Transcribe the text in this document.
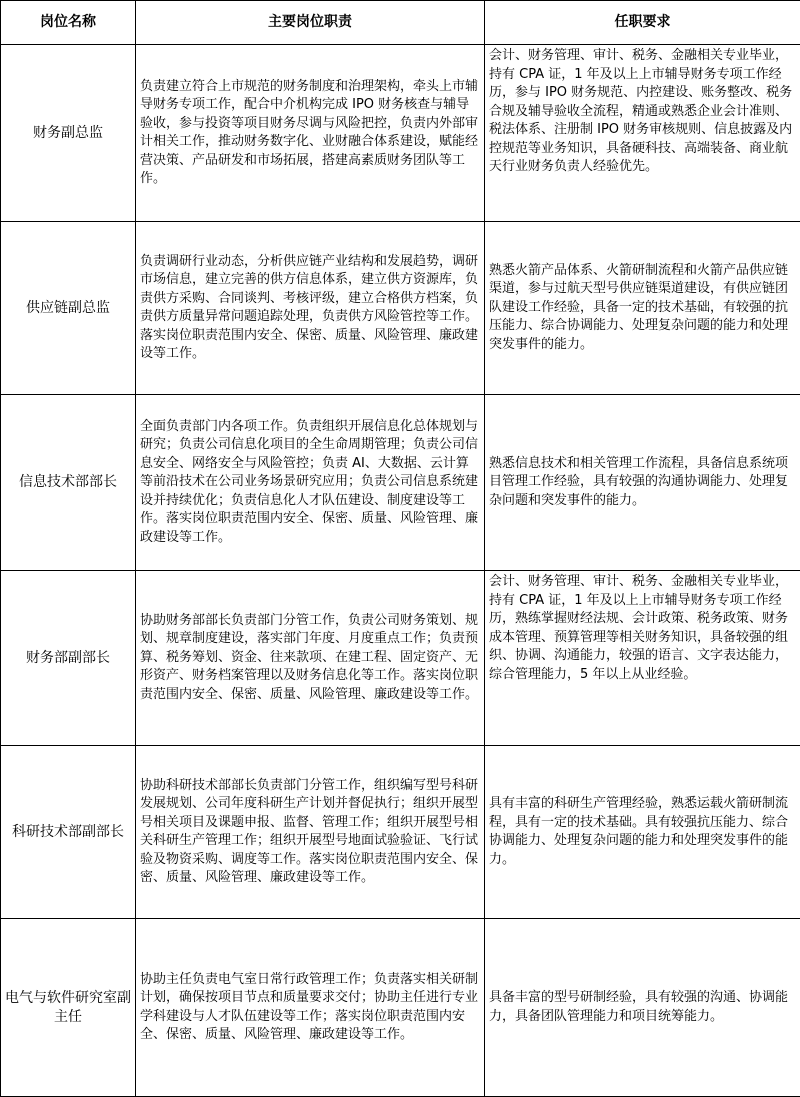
岗位名称	主要岗位职责	任职要求
财务副总监	负责建立符合上市规范的财务制度和治理架构，牵头上市辅导财务专项工作，配合中介机构完成 IPO 财务核查与辅导验收，参与投资等项目财务尽调与风险把控，负责内外部审计相关工作，推动财务数字化、业财融合体系建设，赋能经营决策、产品研发和市场拓展，搭建高素质财务团队等工作。	会计、财务管理、审计、税务、金融相关专业毕业，持有 CPA 证，1 年及以上上市辅导财务专项工作经历，参与 IPO 财务规范、内控建设、账务整改、税务合规及辅导验收全流程，精通或熟悉企业会计准则、税法体系、注册制 IPO 财务审核规则、信息披露及内控规范等业务知识，具备硬科技、高端装备、商业航天行业财务负责人经验优先。
供应链副总监	负责调研行业动态，分析供应链产业结构和发展趋势，调研市场信息，建立完善的供方信息体系，建立供方资源库，负责供方采购、合同谈判、考核评级，建立合格供方档案，负责供方质量异常问题追踪处理，负责供方风险管控等工作。落实岗位职责范围内安全、保密、质量、风险管理、廉政建设等工作。	熟悉火箭产品体系、火箭研制流程和火箭产品供应链渠道，参与过航天型号供应链渠道建设，有供应链团队建设工作经验，具备一定的技术基础，有较强的抗压能力、综合协调能力、处理复杂问题的能力和处理突发事件的能力。
信息技术部部长	全面负责部门内各项工作。负责组织开展信息化总体规划与研究；负责公司信息化项目的全生命周期管理；负责公司信息安全、网络安全与风险管控；负责 AI、大数据、云计算等前沿技术在公司业务场景研究应用；负责公司信息系统建设并持续优化；负责信息化人才队伍建设、制度建设等工作。落实岗位职责范围内安全、保密、质量、风险管理、廉政建设等工作。	熟悉信息技术和相关管理工作流程，具备信息系统项目管理工作经验，具有较强的沟通协调能力、处理复杂问题和突发事件的能力。
财务部副部长	协助财务部部长负责部门分管工作，负责公司财务策划、规划、规章制度建设，落实部门年度、月度重点工作；负责预算、税务筹划、资金、往来款项、在建工程、固定资产、无形资产、财务档案管理以及财务信息化等工作。落实岗位职责范围内安全、保密、质量、风险管理、廉政建设等工作。	会计、财务管理、审计、税务、金融相关专业毕业，持有 CPA 证，1 年及以上上市辅导财务专项工作经历，熟练掌握财经法规、会计政策、税务政策、财务成本管理、预算管理等相关财务知识，具备较强的组织、协调、沟通能力，较强的语言、文字表达能力，综合管理能力，5 年以上从业经验。
科研技术部副部长	协助科研技术部部长负责部门分管工作，组织编写型号科研发展规划、公司年度科研生产计划并督促执行；组织开展型号相关项目及课题申报、监督、管理工作；组织开展型号相关科研生产管理工作；组织开展型号地面试验验证、飞行试验及物资采购、调度等工作。落实岗位职责范围内安全、保密、质量、风险管理、廉政建设等工作。	具有丰富的科研生产管理经验，熟悉运载火箭研制流程，具有一定的技术基础。具有较强抗压能力、综合协调能力、处理复杂问题的能力和处理突发事件的能力。
电气与软件研究室副主任	协助主任负责电气室日常行政管理工作；负责落实相关研制计划，确保按项目节点和质量要求交付；协助主任进行专业学科建设与人才队伍建设等工作；落实岗位职责范围内安全、保密、质量、风险管理、廉政建设等工作。	具备丰富的型号研制经验，具有较强的沟通、协调能力，具备团队管理能力和项目统筹能力。
